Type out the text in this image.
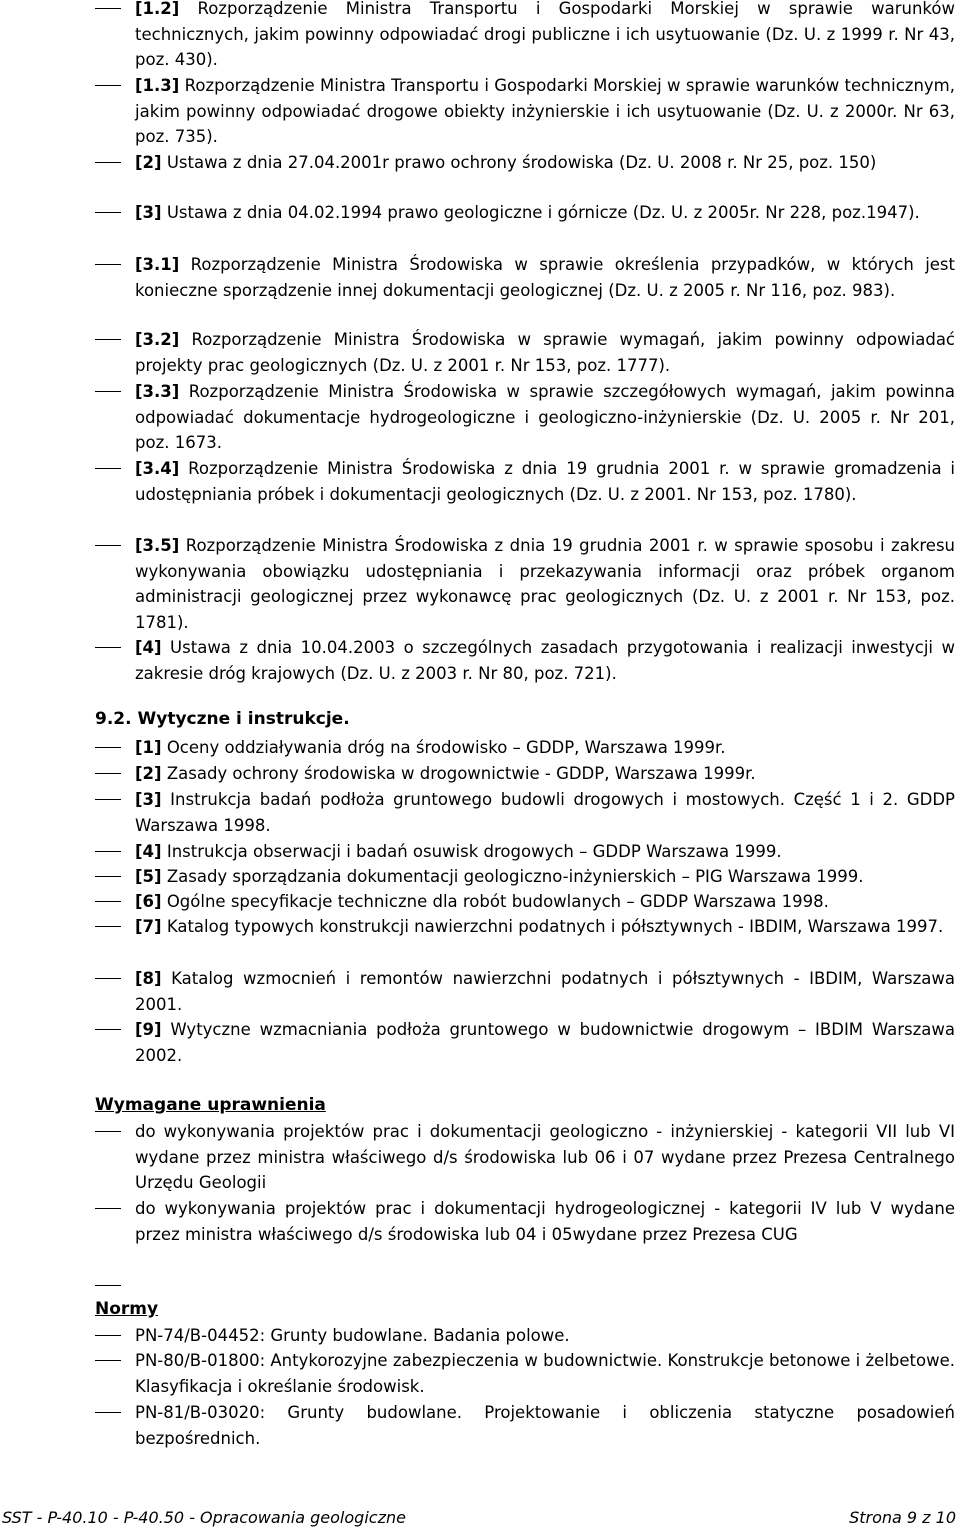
[1.2] Rozporządzenie Ministra Transportu i Gospodarki Morskiej w sprawie warunków technicznych, jakim powinny odpowiadać drogi publiczne i ich usytuowanie (Dz. U. z 1999 r. Nr 43, poz. 430).
[1.3] Rozporządzenie Ministra Transportu i Gospodarki Morskiej w sprawie warunków technicznym, jakim powinny odpowiadać drogowe obiekty inżynierskie i ich usytuowanie (Dz. U. z 2000r. Nr 63, poz. 735).
[2] Ustawa z dnia 27.04.2001r prawo ochrony środowiska (Dz. U. 2008 r. Nr 25, poz. 150)
[3] Ustawa z dnia 04.02.1994 prawo geologiczne i górnicze (Dz. U. z 2005r. Nr 228, poz.1947).
[3.1] Rozporządzenie Ministra Środowiska w sprawie określenia przypadków, w których jest konieczne sporządzenie innej dokumentacji geologicznej (Dz. U. z 2005 r. Nr 116, poz. 983).
[3.2] Rozporządzenie Ministra Środowiska w sprawie wymagań, jakim powinny odpowiadać projekty prac geologicznych (Dz. U. z 2001 r. Nr 153, poz. 1777).
[3.3] Rozporządzenie Ministra Środowiska w sprawie szczegółowych wymagań, jakim powinna odpowiadać dokumentacje hydrogeologiczne i geologiczno-inżynierskie (Dz. U. 2005 r. Nr 201, poz. 1673.
[3.4] Rozporządzenie Ministra Środowiska z dnia 19 grudnia 2001 r. w sprawie gromadzenia i udostępniania próbek i dokumentacji geologicznych (Dz. U. z 2001. Nr 153, poz. 1780).
[3.5] Rozporządzenie Ministra Środowiska z dnia 19 grudnia 2001 r. w sprawie sposobu i zakresu wykonywania obowiązku udostępniania i przekazywania informacji oraz próbek organom administracji geologicznej przez wykonawcę prac geologicznych (Dz. U. z 2001 r. Nr 153, poz. 1781).
[4] Ustawa z dnia 10.04.2003 o szczególnych zasadach przygotowania i realizacji inwestycji w zakresie dróg krajowych (Dz. U. z 2003 r. Nr 80, poz. 721).
9.2. Wytyczne i instrukcje.
[1] Oceny oddziaływania dróg na środowisko – GDDP, Warszawa 1999r.
[2] Zasady ochrony środowiska w drogownictwie - GDDP, Warszawa 1999r.
[3] Instrukcja badań podłoża gruntowego budowli drogowych i mostowych. Część 1 i 2. GDDP Warszawa 1998.
[4] Instrukcja obserwacji i badań osuwisk drogowych – GDDP Warszawa 1999.
[5] Zasady sporządzania dokumentacji geologiczno-inżynierskich – PIG Warszawa 1999.
[6] Ogólne specyfikacje techniczne dla robót budowlanych – GDDP Warszawa 1998.
[7] Katalog typowych konstrukcji nawierzchni podatnych i półsztywnych - IBDIM, Warszawa 1997.
[8] Katalog wzmocnień i remontów nawierzchni podatnych i półsztywnych - IBDIM, Warszawa 2001.
[9] Wytyczne wzmacniania podłoża gruntowego w budownictwie drogowym – IBDIM Warszawa 2002.
Wymagane uprawnienia
do wykonywania projektów prac i dokumentacji geologiczno - inżynierskiej - kategorii VII lub VI wydane przez ministra właściwego d/s środowiska lub 06 i 07 wydane przez Prezesa Centralnego Urzędu Geologii
do wykonywania projektów prac i dokumentacji hydrogeologicznej - kategorii IV lub V wydane przez ministra właściwego d/s środowiska lub 04 i 05wydane przez Prezesa CUG
Normy
PN-74/B-04452: Grunty budowlane. Badania polowe.
PN-80/B-01800: Antykorozyjne zabezpieczenia w budownictwie. Konstrukcje betonowe i żelbetowe. Klasyfikacja i określanie środowisk.
PN-81/B-03020: Grunty budowlane. Projektowanie i obliczenia statyczne posadowień bezpośrednich.
SST - P-40.10 - P-40.50 - Opracowania geologiczne	Strona 9 z 10
